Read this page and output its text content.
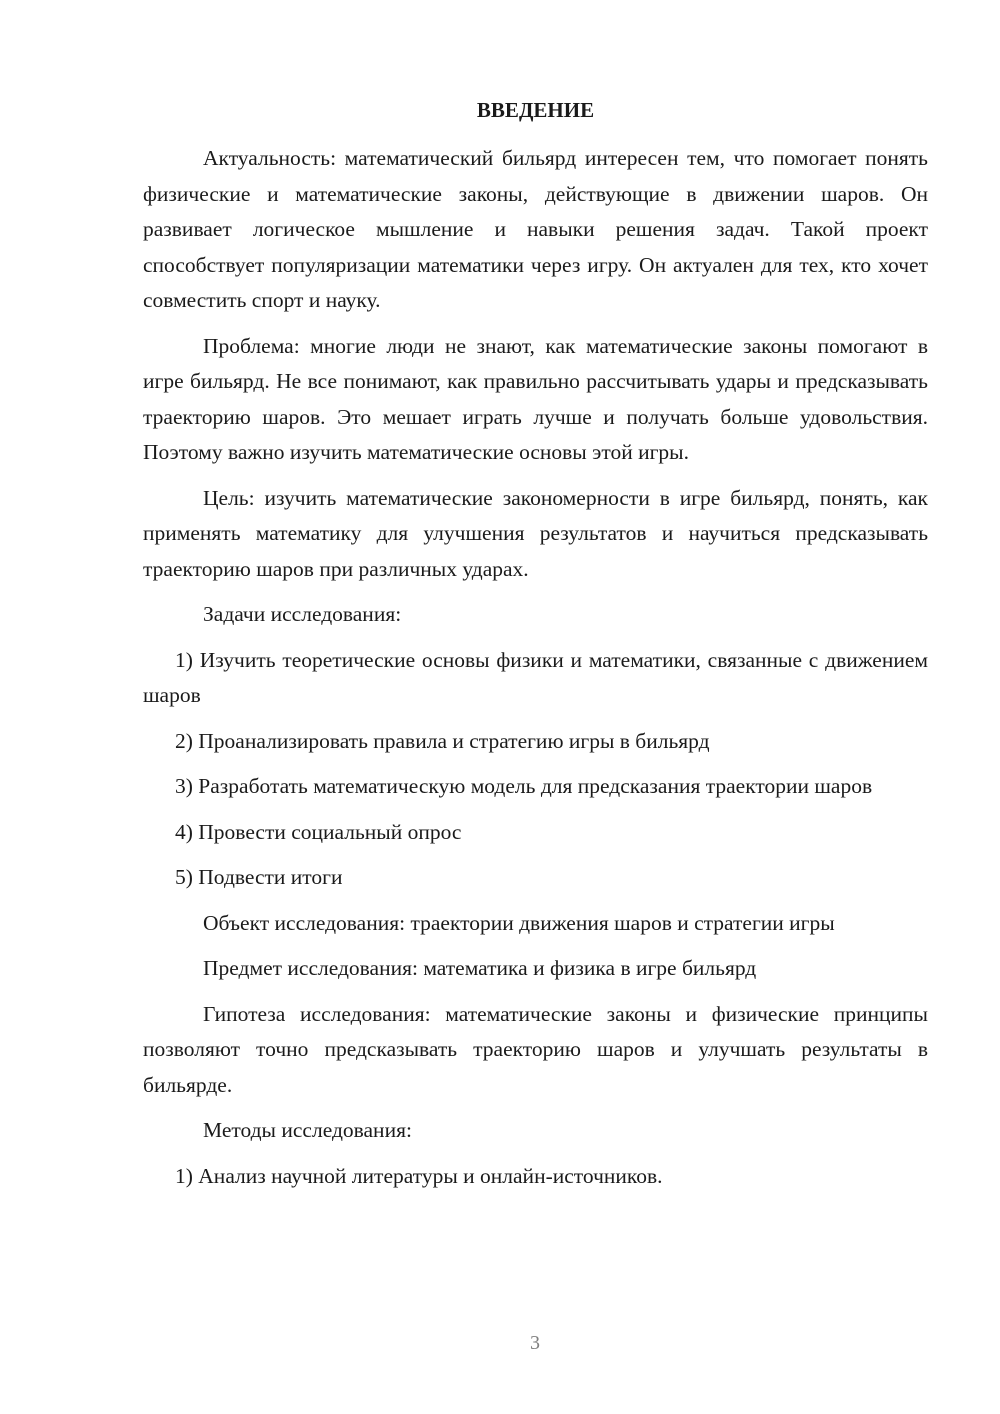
ВВЕДЕНИЕ

Актуальность: математический бильярд интересен тем, что помогает понять физические и математические законы, действующие в движении шаров. Он развивает логическое мышление и навыки решения задач. Такой проект способствует популяризации математики через игру. Он актуален для тех, кто хочет совместить спорт и науку.

Проблема: многие люди не знают, как математические законы помогают в игре бильярд. Не все понимают, как правильно рассчитывать удары и предсказывать траекторию шаров. Это мешает играть лучше и получать больше удовольствия. Поэтому важно изучить математические основы этой игры.

Цель: изучить математические закономерности в игре бильярд, понять, как применять математику для улучшения результатов и научиться предсказывать траекторию шаров при различных ударах.

Задачи исследования:

1) Изучить теоретические основы физики и математики, связанные с движением шаров

2) Проанализировать правила и стратегию игры в бильярд

3) Разработать математическую модель для предсказания траектории шаров

4) Провести социальный опрос

5) Подвести итоги

Объект исследования: траектории движения шаров и стратегии игры

Предмет исследования: математика и физика в игре бильярд

Гипотеза исследования: математические законы и физические принципы позволяют точно предсказывать траекторию шаров и улучшать результаты в бильярде.

Методы исследования:

1) Анализ научной литературы и онлайн-источников.

3
